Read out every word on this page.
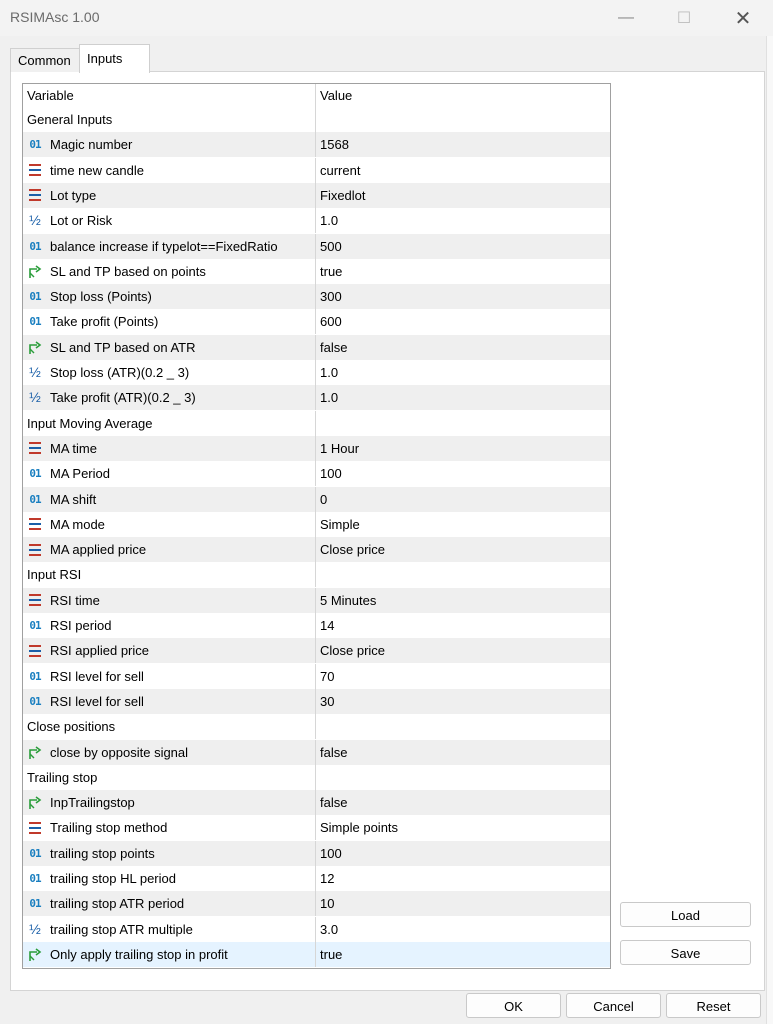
RSIMAsc 1.00	—	☐	✕
Common	Inputs
Variable	Value
General Inputs
01 Magic number	1568
time new candle	current
Lot type	Fixedlot
½ Lot or Risk	1.0
01 balance increase if typelot==FixedRatio	500
SL and TP based on points	true
01 Stop loss (Points)	300
01 Take profit (Points)	600
SL and TP based on ATR	false
½ Stop loss (ATR)(0.2 _ 3)	1.0
½ Take profit (ATR)(0.2 _ 3)	1.0
Input Moving Average
MA time	1 Hour
01 MA Period	100
01 MA shift	0
MA mode	Simple
MA applied price	Close price
Input RSI
RSI time	5 Minutes
01 RSI period	14
RSI applied price	Close price
01 RSI level for sell	70
01 RSI level for sell	30
Close positions
close by opposite signal	false
Trailing stop
InpTrailingstop	false
Trailing stop method	Simple points
01 trailing stop points	100
01 trailing stop HL period	12
01 trailing stop ATR period	10
½ trailing stop ATR multiple	3.0
Only apply trailing stop in profit	true
Load
Save
OK	Cancel	Reset
